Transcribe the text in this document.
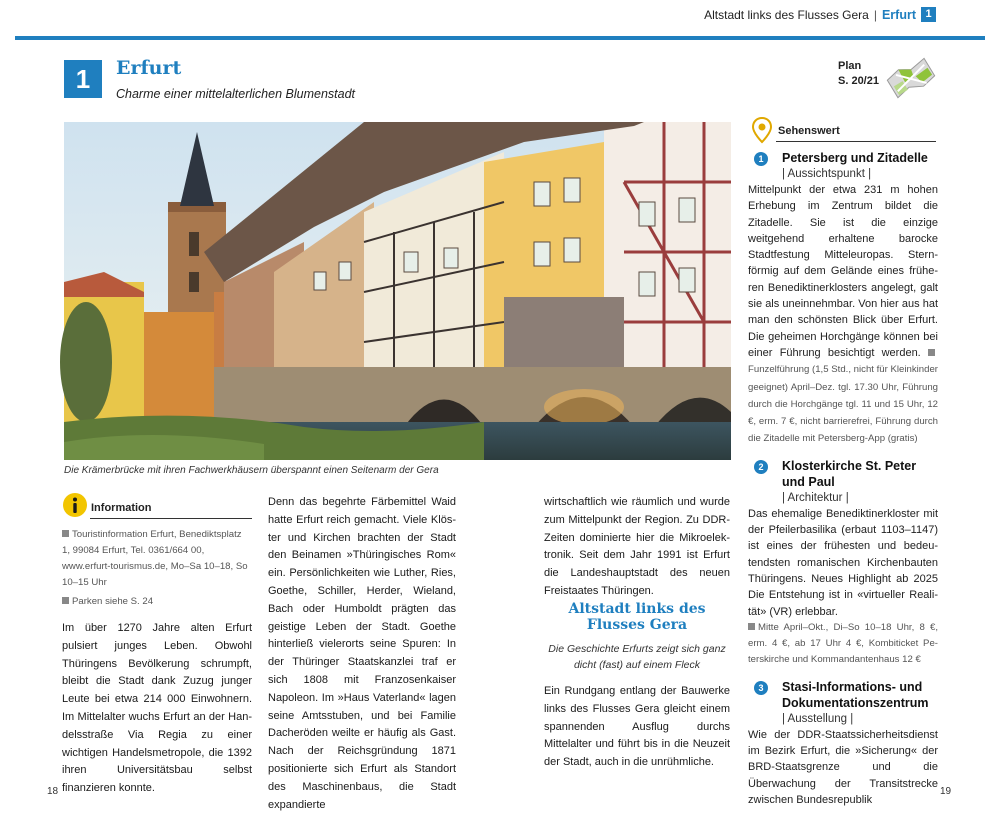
Altstadt links des Flusses Gera | Erfurt 1
1	Erfurt
Charme einer mittelalterlichen Blumenstadt
Plan
S. 20/21
Die Krämerbrücke mit ihren Fachwerkhäusern überspannt einen Seitenarm der Gera
Information
Touristinformation Erfurt, Benediktsplatz 1, 99084 Erfurt, Tel. 0361/664 00, www.erfurt-tourismus.de, Mo–Sa 10–18, So 10–15 Uhr
Parken siehe S. 24
Im über 1270 Jahre alten Erfurt pulsiert junges Leben. Obwohl Thüringens Bevölkerung schrumpft, bleibt die Stadt dank Zuzug junger Leute bei etwa 214 000 Einwohnern. Im Mittelalter wuchs Erfurt an der Handelsstraße Via Regia zu einer wichtigen Handelsmetropole, die 1392 ihren Universitätsbau selbst finanzieren konnte.
Denn das begehrte Färbemittel Waid hatte Erfurt reich gemacht. Viele Klöster und Kirchen brachten der Stadt den Beinamen »Thüringisches Rom« ein. Persönlichkeiten wie Luther, Ries, Goethe, Schiller, Herder, Wieland, Bach oder Humboldt prägten das geistige Leben der Stadt. Goethe hinterließ vielerorts seine Spuren: In der Thüringer Staatskanzlei traf er sich 1808 mit Franzosenkaiser Napoleon. Im »Haus Vaterland« lagen seine Amtsstuben, und bei Familie Dacheröden weilte er häufig als Gast. Nach der Reichsgründung 1871 positionierte sich Erfurt als Standort des Maschinenbaus, die Stadt expandierte
wirtschaftlich wie räumlich und wurde zum Mittelpunkt der Region. Zu DDR-Zeiten dominierte hier die Mikroelektronik. Seit dem Jahr 1991 ist Erfurt die Landeshauptstadt des neuen Freistaates Thüringen.
Altstadt links des Flusses Gera
Die Geschichte Erfurts zeigt sich ganz dicht (fast) auf einem Fleck
Ein Rundgang entlang der Bauwerke links des Flusses Gera gleicht einem spannenden Ausflug durchs Mittelalter und führt bis in die Neuzeit der Stadt, auch in die unrühmliche.
Sehenswert
1	Petersberg und Zitadelle
| Aussichtspunkt |
Mittelpunkt der etwa 231 m hohen Erhebung im Zentrum bildet die Zitadelle. Sie ist die einzige weitgehend erhaltene barocke Stadtfestung Mitteleuropas. Sternförmig auf dem Gelände eines früheren Benediktinerklosters angelegt, galt sie als uneinnehmbar. Von hier aus hat man den schönsten Blick über Erfurt. Die geheimen Horchgänge können bei einer Führung besichtigt werden. Funzelführung (1,5 Std., nicht für Kleinkinder geeignet) April–Dez. tgl. 17.30 Uhr, Führung durch die Horchgänge tgl. 11 und 15 Uhr, 12 €, erm. 7 €, nicht barrierefrei, Führung durch die Zitadelle mit Petersberg-App (gratis)
2	Klosterkirche St. Peter und Paul
| Architektur |
Das ehemalige Benediktinerkloster mit der Pfeilerbasilika (erbaut 1103–1147) ist eines der frühesten und bedeutendsten romanischen Kirchenbauten Thüringens. Neues Highlight ab 2025 Die Entstehung ist in «virtueller Realität» (VR) erlebbar.
Mitte April–Okt., Di–So 10–18 Uhr, 8 €, erm. 4 €, ab 17 Uhr 4 €, Kombiticket Peterskirche und Kommandantenhaus 12 €
3	Stasi-Informations- und Dokumentationszentrum
| Ausstellung |
Wie der DDR-Staatssicherheitsdienst im Bezirk Erfurt, die »Sicherung« der BRD-Staatsgrenze und die Überwachung der Transitstrecke zwischen Bundesrepublik
18	19
